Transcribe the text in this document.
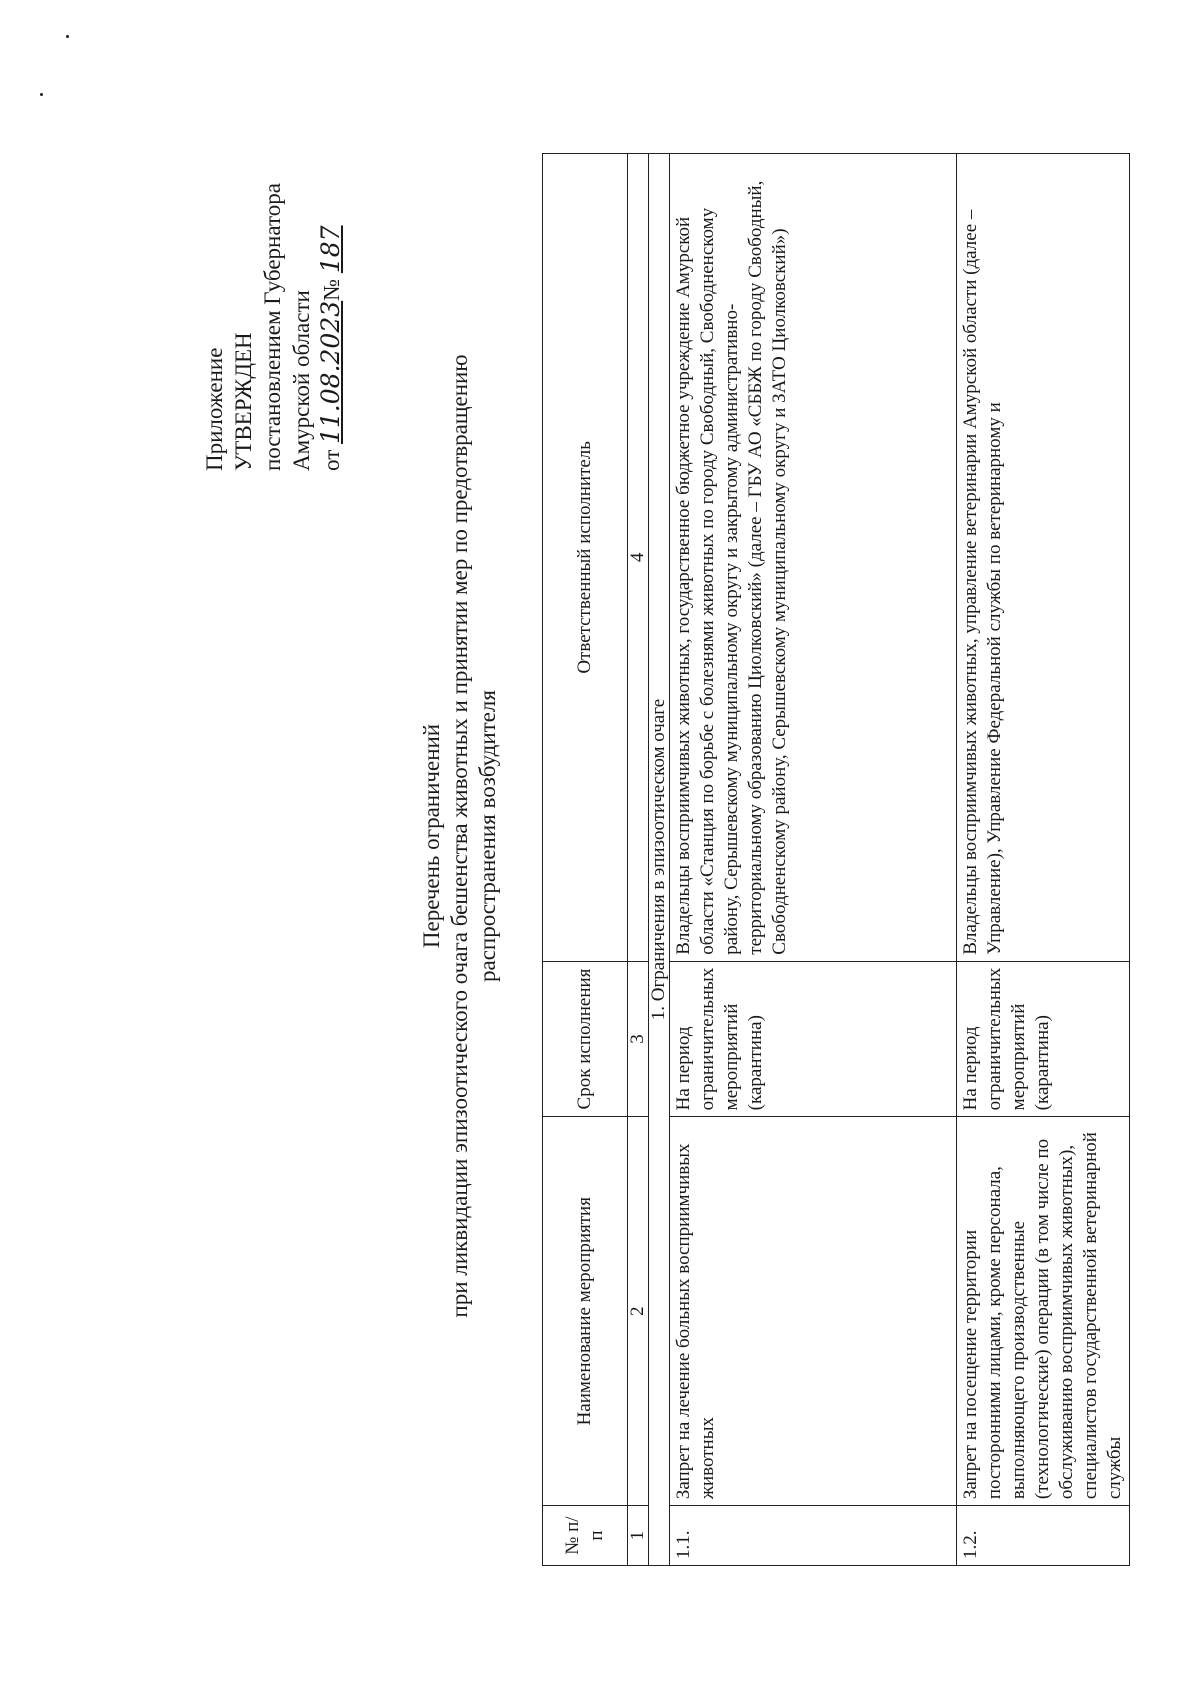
Приложение УТВЕРЖДЕН постановлением Губернатора Амурской области от 11.08.2023№ 187
Перечень ограничений при ликвидации эпизоотического очага бешенства животных и принятии мер по предотвращению распространения возбудителя
№ п/п	Наименование мероприятия	Срок исполнения	Ответственный исполнитель
1	2	3	4
1. Ограничения в эпизоотическом очаге			
1.1.	Запрет на лечение больных восприимчивых животных	На период ограничительных мероприятий (карантина)	Владельцы восприимчивых животных, государственное бюджетное учреждение Амурской области «Станция по борьбе с болезнями животных по городу Свободный, Свободненскому району, Серышевскому муниципальному округу и закрытому административно-территориальному образованию Циолковский» (далее – ГБУ АО «СББЖ по городу Свободный, Свободненскому району, Серышевскому муниципальному округу и ЗАТО Циолковский»)
1.2.	Запрет на посещение территории посторонними лицами, кроме персонала, выполняющего производственные (технологические) операции (в том числе по обслуживанию восприимчивых животных), специалистов государственной ветеринарной службы	На период ограничительных мероприятий (карантина)	Владельцы восприимчивых животных, управление ветеринарии Амурской области (далее – Управление), Управление Федеральной службы по ветеринарному и
